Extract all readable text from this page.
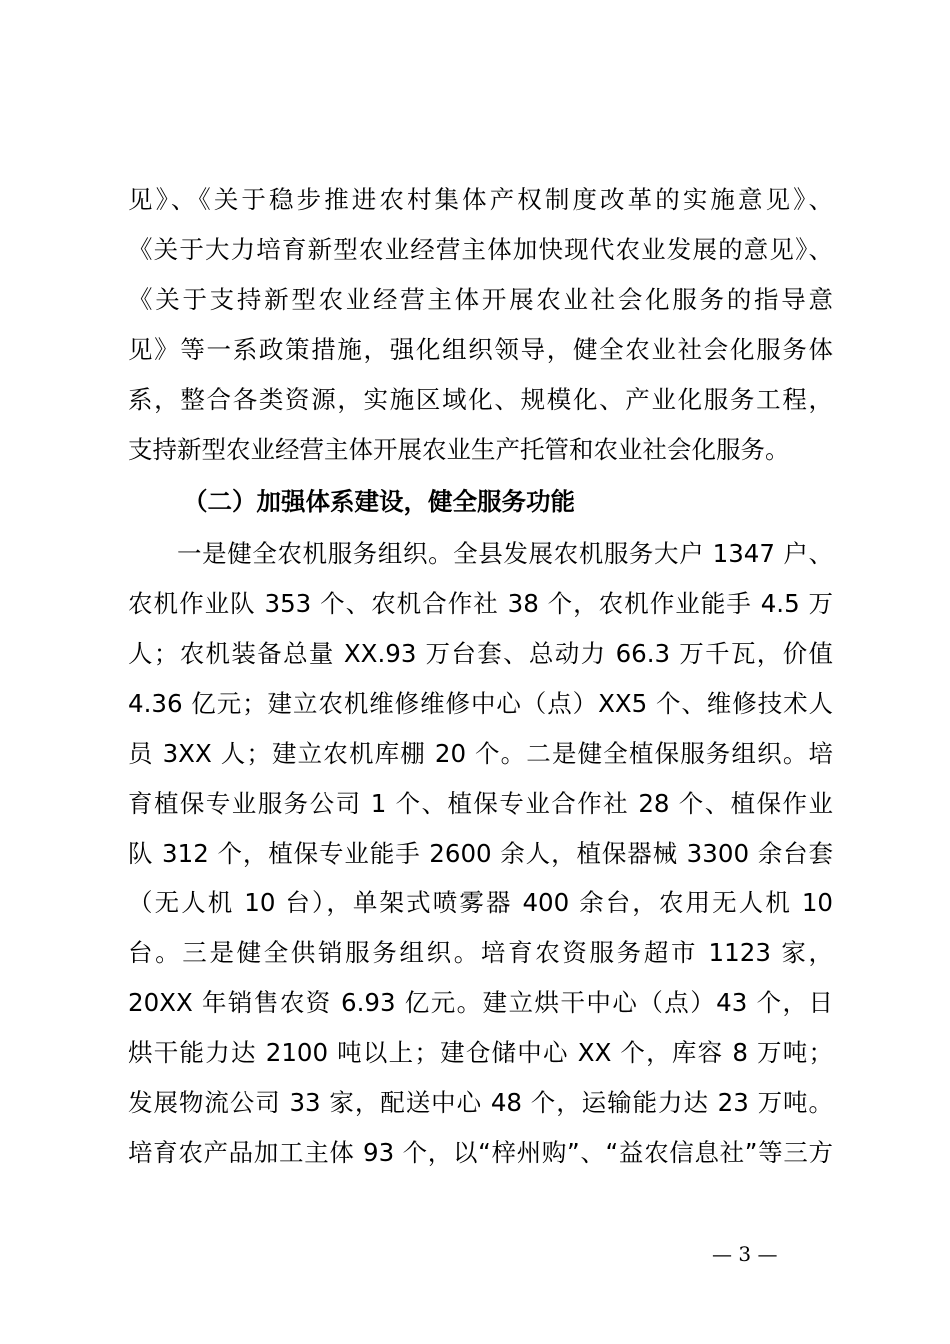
见》、《关于稳步推进农村集体产权制度改革的实施意见》、
《关于大力培育新型农业经营主体加快现代农业发展的意见》、
《关于支持新型农业经营主体开展农业社会化服务的指导意
见》等一系政策措施，强化组织领导，健全农业社会化服务体
系，整合各类资源，实施区域化、规模化、产业化服务工程，
支持新型农业经营主体开展农业生产托管和农业社会化服务。
（二）加强体系建设，健全服务功能
一是健全农机服务组织。全县发展农机服务大户 1347 户、
农机作业队 353 个、农机合作社 38 个，农机作业能手 4.5 万
人；农机装备总量 XX.93 万台套、总动力 66.3 万千瓦，价值
4.36 亿元；建立农机维修维修中心（点）XX5 个、维修技术人
员 3XX 人；建立农机库棚 20 个。二是健全植保服务组织。培
育植保专业服务公司 1 个、植保专业合作社 28 个、植保作业
队 312 个，植保专业能手 2600 余人，植保器械 3300 余台套
（无人机 10 台），单架式喷雾器 400 余台，农用无人机 10
台。三是健全供销服务组织。培育农资服务超市 1123 家，
20XX 年销售农资 6.93 亿元。建立烘干中心（点）43 个，日
烘干能力达 2100 吨以上；建仓储中心 XX 个，库容 8 万吨；
发展物流公司 33 家，配送中心 48 个，运输能力达 23 万吨。
培育农产品加工主体 93 个，以“梓州购”、“益农信息社”等三方
— 3 —
